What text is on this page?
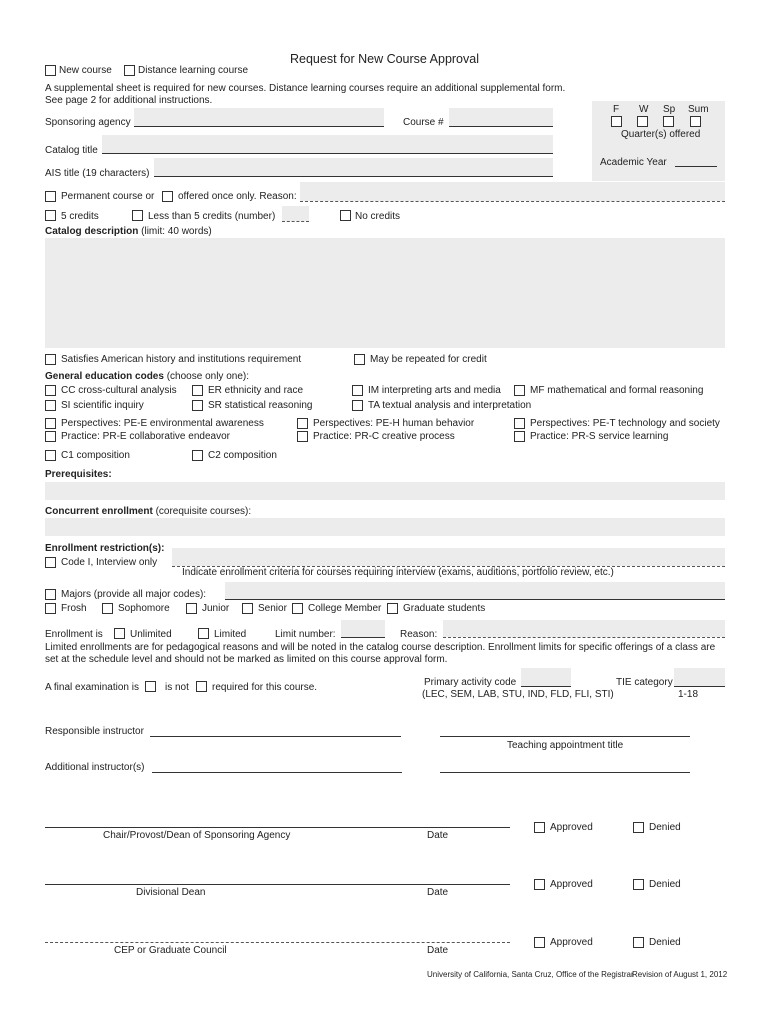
Request for New Course Approval
New course	Distance learning course
A supplemental sheet is required for new courses. Distance learning courses require an additional supplemental form.
See page 2 for additional instructions.
F W Sp Sum
Quarter(s) offered
Academic Year
Sponsoring agency	Course #
Catalog title
AIS title (19 characters)
Permanent course or offered once only. Reason:
5 credits	Less than 5 credits (number)	No credits
Catalog description (limit: 40 words)
Satisfies American history and institutions requirement	May be repeated for credit
General education codes (choose only one):
CC cross-cultural analysis	ER ethnicity and race	IM interpreting arts and media	MF mathematical and formal reasoning
SI scientific inquiry	SR statistical reasoning	TA textual analysis and interpretation
Perspectives: PE-E environmental awareness	Perspectives: PE-H human behavior	Perspectives: PE-T technology and society
Practice: PR-E collaborative endeavor	Practice: PR-C creative process	Practice: PR-S service learning
C1 composition	C2 composition
Prerequisites:
Concurrent enrollment (corequisite courses):
Enrollment restriction(s):
Code I, Interview only
Indicate enrollment criteria for courses requiring interview (exams, auditions, portfolio review, etc.)
Majors (provide all major codes):
Frosh	Sophomore	Junior	Senior College Member Graduate students
Enrollment is	Unlimited	Limited	Limit number:	Reason:
Limited enrollments are for pedagogical reasons and will be noted in the catalog course description. Enrollment limits for specific offerings of a class are
set at the schedule level and should not be marked as limited on this course approval form.
A final examination is	is not required for this course.	Primary activity code
(LEC, SEM, LAB, STU, IND, FLD, FLI, STI)
TIE category
1-18
Responsible instructor
Teaching appointment title
Additional instructor(s)
Chair/Provost/Dean of Sponsoring Agency	Date
Approved	Denied
Divisional Dean	Date
Approved	Denied
CEP or Graduate Council	Date
Approved	Denied
University of California, Santa Cruz, Office of the Registrar
Revision of August 1, 2012
